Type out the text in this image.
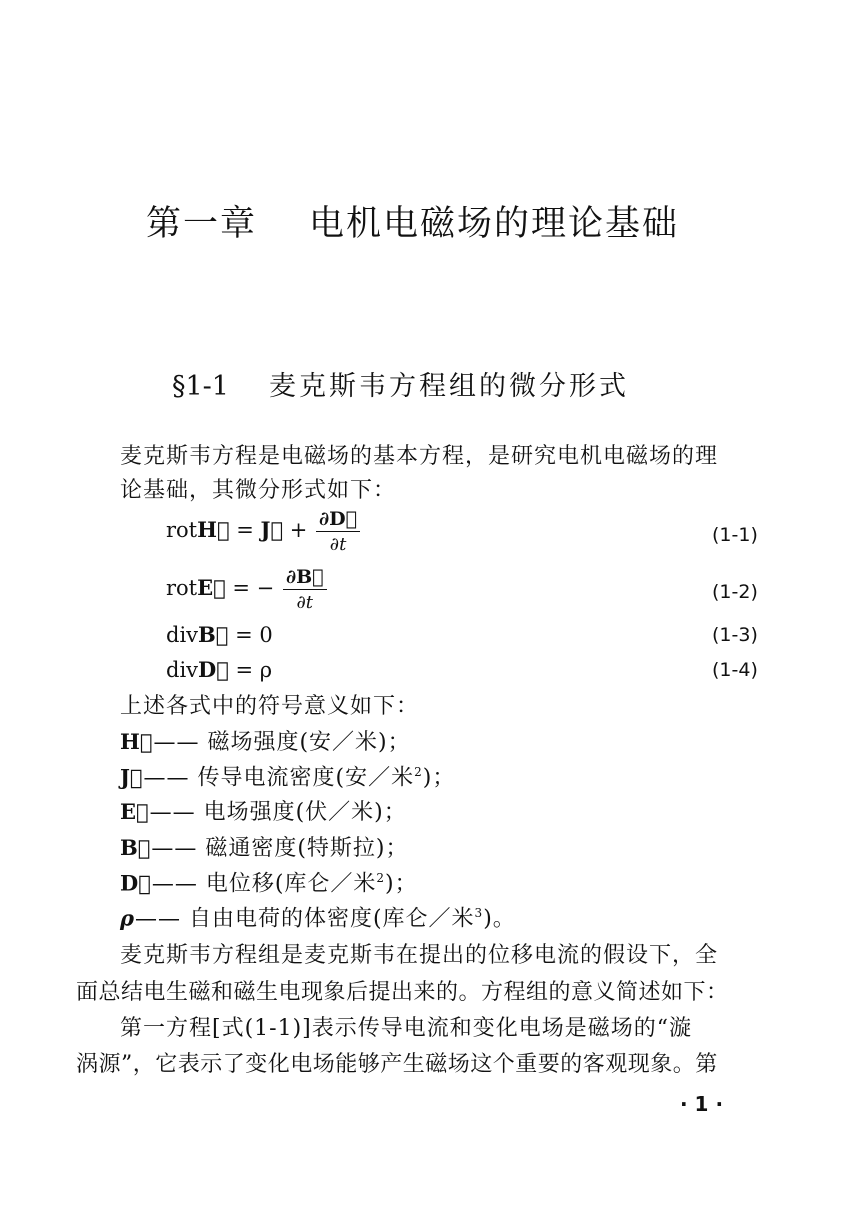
第一章 电机电磁场的理论基础
§1-1 麦克斯韦方程组的微分形式
麦克斯韦方程是电磁场的基本方程，是研究电机电磁场的理
论基础，其微分形式如下：
rotH⃗ = J⃗ + $\frac{\partial D⃗}{\partial t}$	(1-1)
rotE⃗ = − $\frac{\partial B⃗}{\partial t}$	(1-2)
divB⃗ = 0	(1-3)
divD⃗ = ρ	(1-4)
上述各式中的符号意义如下：
H⃗—— 磁场强度(安／米)；
J⃗—— 传导电流密度(安／米$^2$)；
E⃗—— 电场强度(伏／米)；
B⃗—— 磁通密度(特斯拉)；
D⃗—— 电位移(库仑／米$^2$)；
ρ—— 自由电荷的体密度(库仑／米$^3$)。
麦克斯韦方程组是麦克斯韦在提出的位移电流的假设下，全
面总结电生磁和磁生电现象后提出来的。方程组的意义简述如下：
第一方程[式(1-1)]表示传导电流和变化电场是磁场的“漩
涡源”，它表示了变化电场能够产生磁场这个重要的客观现象。第
· 1 ·
